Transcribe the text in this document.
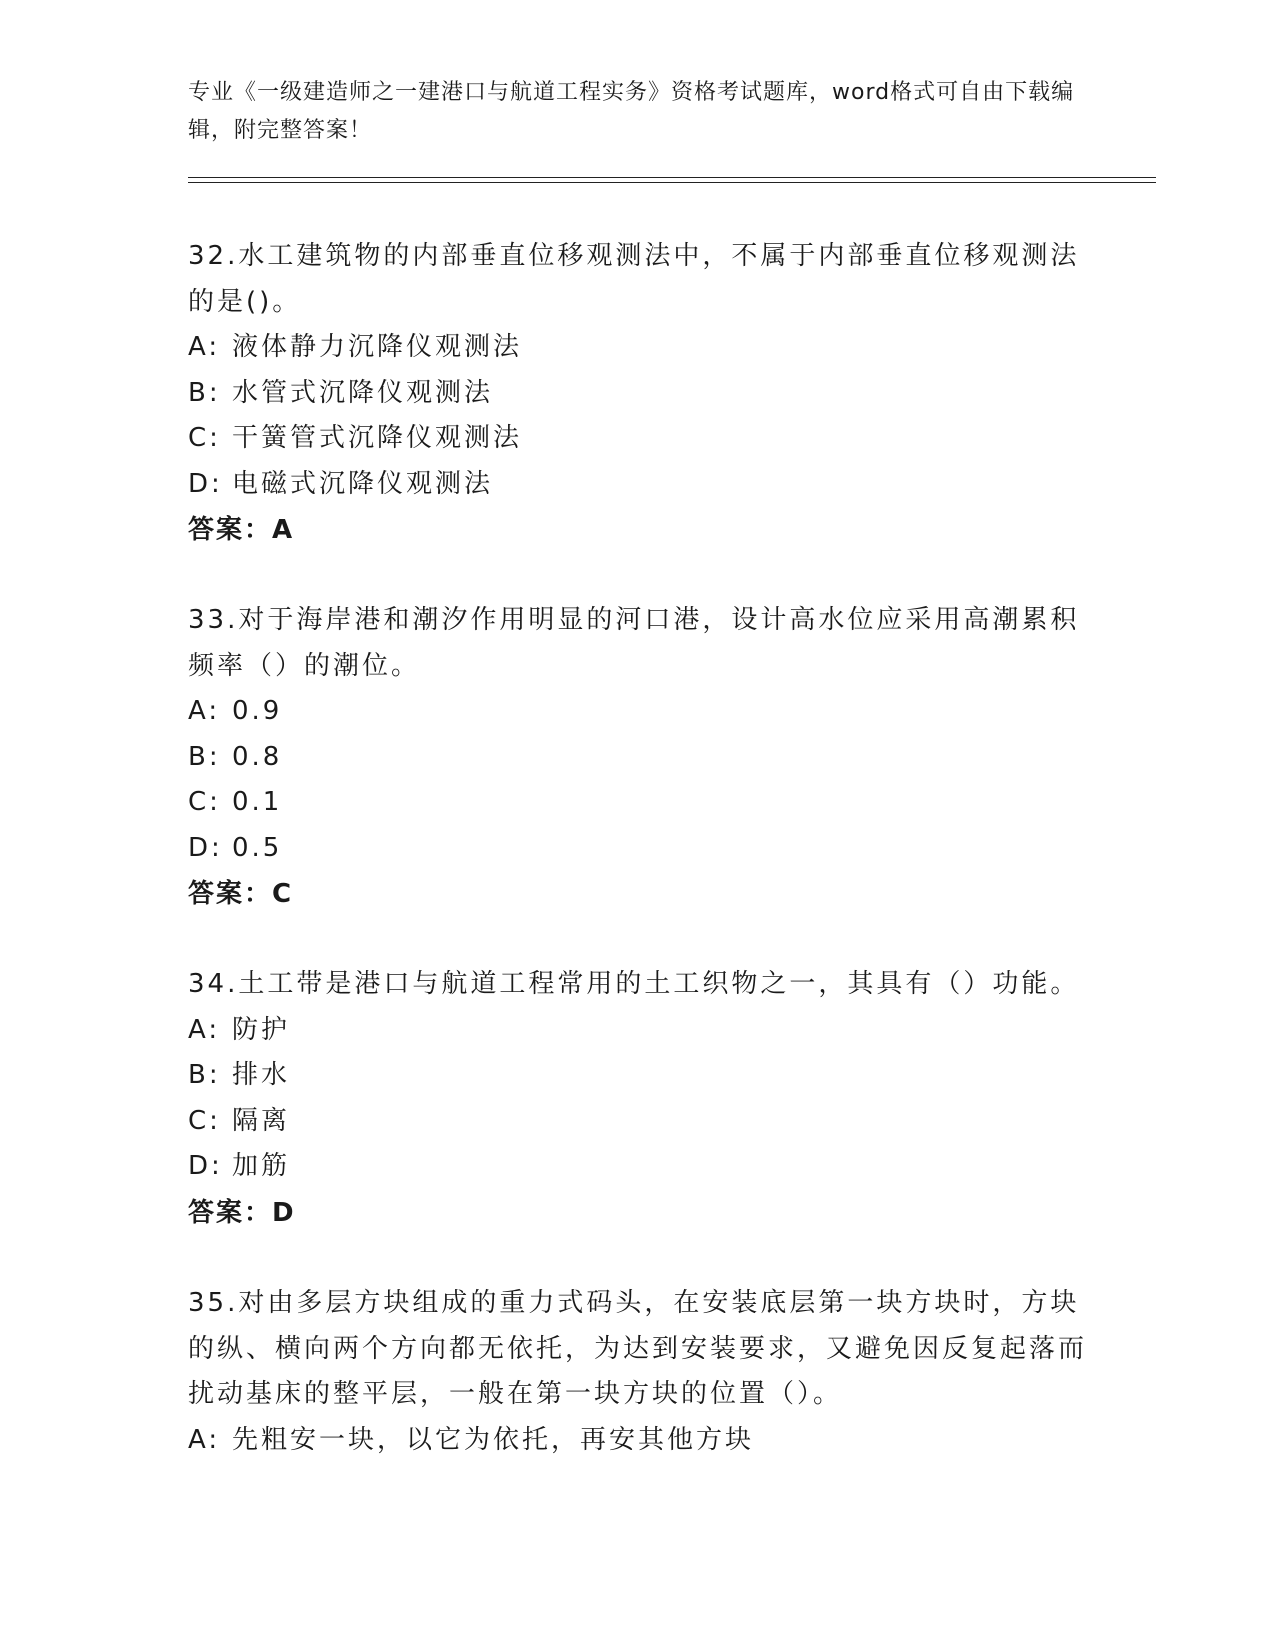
专业《一级建造师之一建港口与航道工程实务》资格考试题库，word格式可自由下载编辑，附完整答案！
32.水工建筑物的内部垂直位移观测法中，不属于内部垂直位移观测法的是()。
A: 液体静力沉降仪观测法
B: 水管式沉降仪观测法
C: 干簧管式沉降仪观测法
D: 电磁式沉降仪观测法
答案：A
33.对于海岸港和潮汐作用明显的河口港，设计高水位应采用高潮累积频率（）的潮位。
A: 0.9
B: 0.8
C: 0.1
D: 0.5
答案：C
34.土工带是港口与航道工程常用的土工织物之一，其具有（）功能。
A: 防护
B: 排水
C: 隔离
D: 加筋
答案：D
35.对由多层方块组成的重力式码头，在安装底层第一块方块时，方块的纵、横向两个方向都无依托，为达到安装要求，又避免因反复起落而扰动基床的整平层，一般在第一块方块的位置（）。
A: 先粗安一块，以它为依托，再安其他方块
